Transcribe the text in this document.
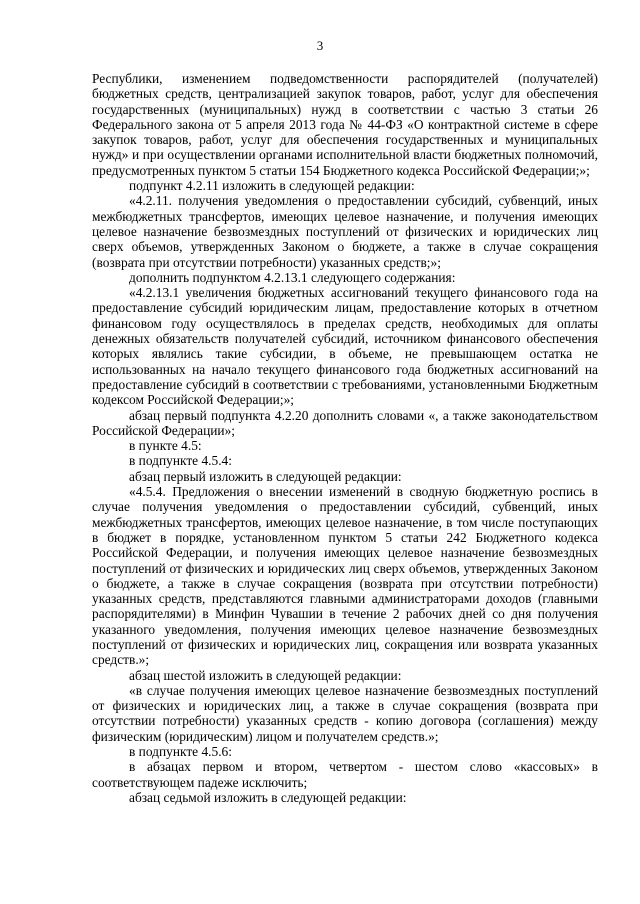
3

Республики, изменением подведомственности распорядителей (получателей) бюджетных средств, централизацией закупок товаров, работ, услуг для обеспечения государственных (муниципальных) нужд в соответствии с частью 3 статьи 26 Федерального закона от 5 апреля 2013 года № 44-ФЗ «О контрактной системе в сфере закупок товаров, работ, услуг для обеспечения государственных и муниципальных нужд» и при осуществлении органами исполнительной власти бюджетных полномочий, предусмотренных пунктом 5 статьи 154 Бюджетного кодекса Российской Федерации;»;

подпункт 4.2.11 изложить в следующей редакции:

«4.2.11. получения уведомления о предоставлении субсидий, субвенций, иных межбюджетных трансфертов, имеющих целевое назначение, и получения имеющих целевое назначение безвозмездных поступлений от физических и юридических лиц сверх объемов, утвержденных Законом о бюджете, а также в случае сокращения (возврата при отсутствии потребности) указанных средств;»;

дополнить подпунктом 4.2.13.1 следующего содержания:

«4.2.13.1 увеличения бюджетных ассигнований текущего финансового года на предоставление субсидий юридическим лицам, предоставление которых в отчетном финансовом году осуществлялось в пределах средств, необходимых для оплаты денежных обязательств получателей субсидий, источником финансового обеспечения которых являлись такие субсидии, в объеме, не превышающем остатка не использованных на начало текущего финансового года бюджетных ассигнований на предоставление субсидий в соответствии с требованиями, установленными Бюджетным кодексом Российской Федерации;»;

абзац первый подпункта 4.2.20 дополнить словами «, а также законодательством Российской Федерации»;

в пункте 4.5:

в подпункте 4.5.4:

абзац первый изложить в следующей редакции:

«4.5.4. Предложения о внесении изменений в сводную бюджетную роспись в случае получения уведомления о предоставлении субсидий, субвенций, иных межбюджетных трансфертов, имеющих целевое назначение, в том числе поступающих в бюджет в порядке, установленном пунктом 5 статьи 242 Бюджетного кодекса Российской Федерации, и получения имеющих целевое назначение безвозмездных поступлений от физических и юридических лиц сверх объемов, утвержденных Законом о бюджете, а также в случае сокращения (возврата при отсутствии потребности) указанных средств, представляются главными администраторами доходов (главными распорядителями) в Минфин Чувашии в течение 2 рабочих дней со дня получения указанного уведомления, получения имеющих целевое назначение безвозмездных поступлений от физических и юридических лиц, сокращения или возврата указанных средств.»;

абзац шестой изложить в следующей редакции:

«в случае получения имеющих целевое назначение безвозмездных поступлений от физических и юридических лиц, а также в случае сокращения (возврата при отсутствии потребности) указанных средств - копию договора (соглашения) между физическим (юридическим) лицом и получателем средств.»;

в подпункте 4.5.6:

в абзацах первом и втором, четвертом - шестом слово «кассовых» в соответствующем падеже исключить;

абзац седьмой изложить в следующей редакции:
